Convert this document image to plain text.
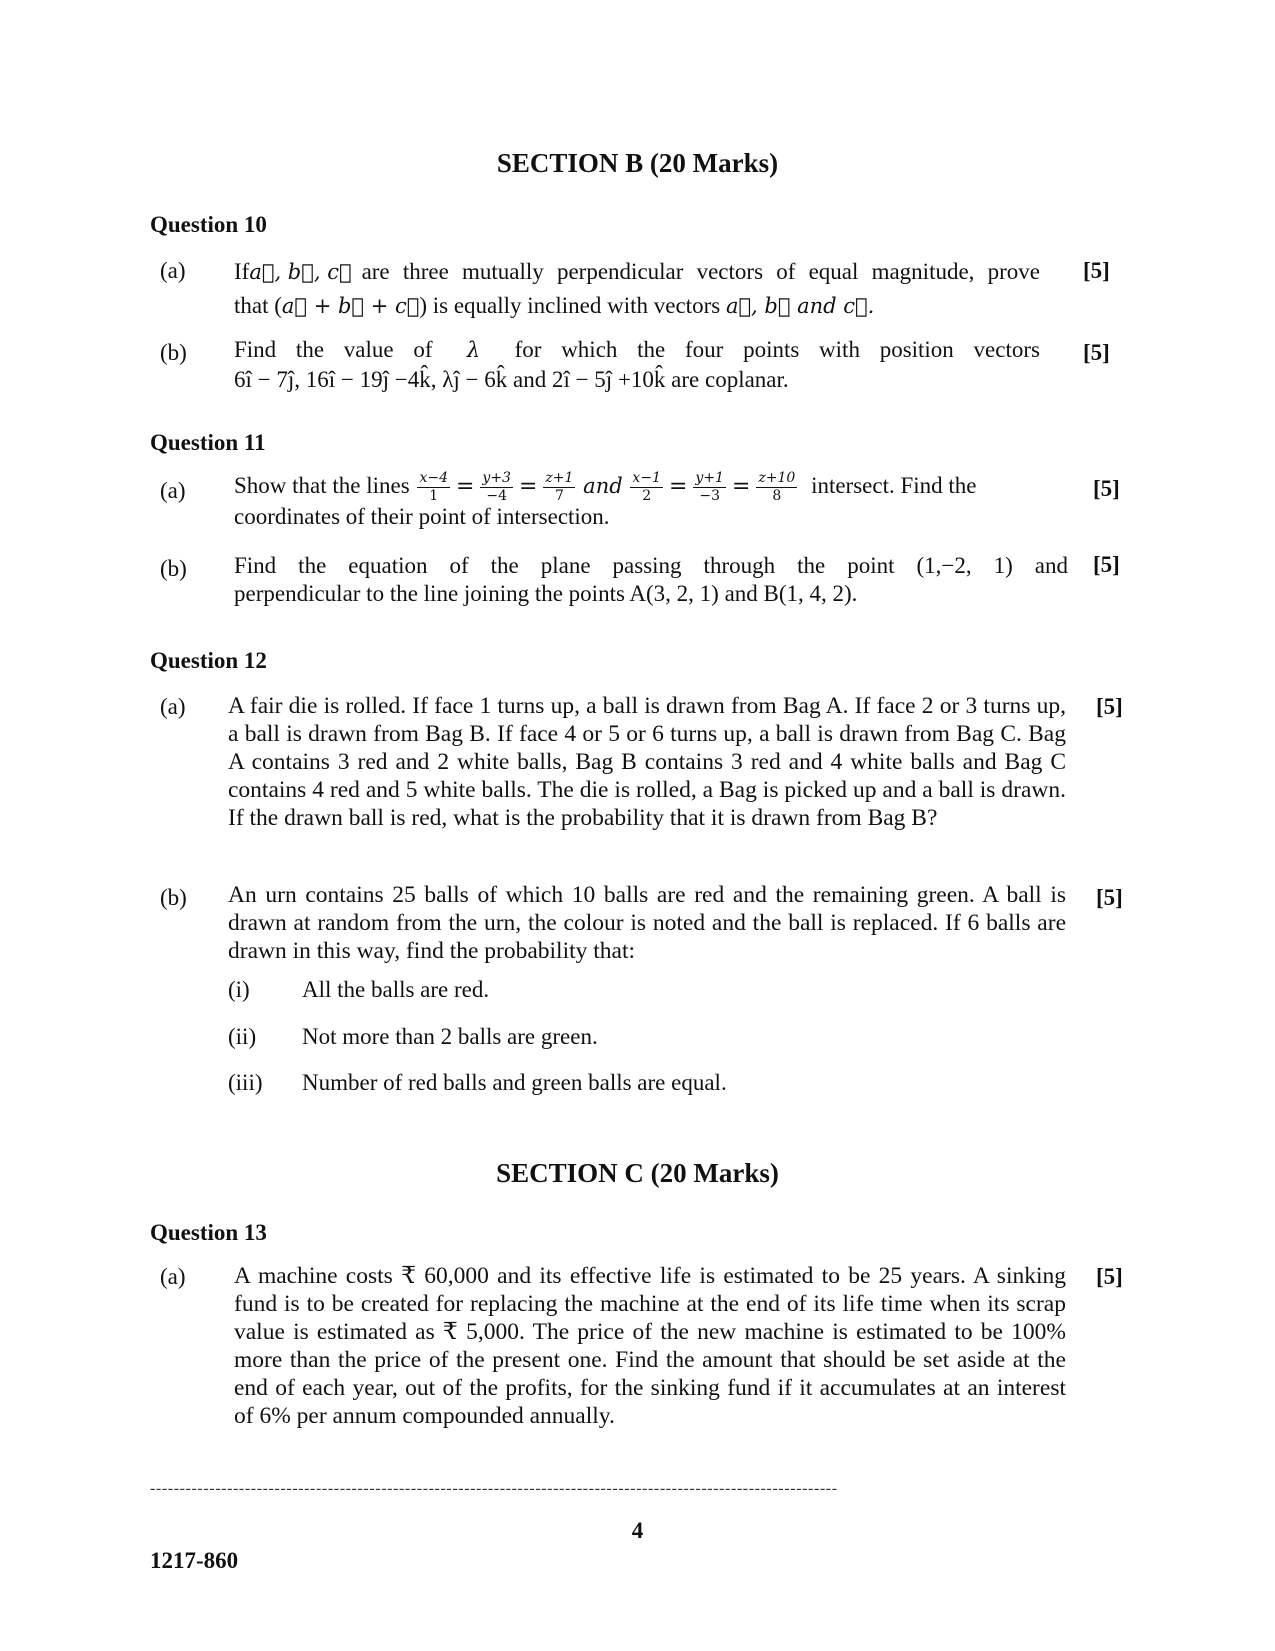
SECTION B (20 Marks)
Question 10
(a) If a⃗, b⃗, c⃗ are three mutually perpendicular vectors of equal magnitude, prove
that (a⃗ + b⃗ + c⃗) is equally inclined with vectors a⃗, b⃗ and c⃗.
[5]
(b) Find the value of λ for which the four points with position vectors
6î − 7ĵ, 16î − 19ĵ −4k̂, λĵ − 6k̂ and 2î − 5ĵ +10k̂ are coplanar.
[5]
Question 11
(a) Show that the lines $\frac{x-4}{1} = \frac{y+3}{-4} = \frac{z+1}{7}$ and $\frac{x-1}{2} = \frac{y+1}{-3} = \frac{z+10}{8}$ intersect. Find the
coordinates of their point of intersection.
[5]
(b) Find the equation of the plane passing through the point (1,−2, 1) and
perpendicular to the line joining the points A(3, 2, 1) and B(1, 4, 2).
[5]
Question 12
(a) A fair die is rolled. If face 1 turns up, a ball is drawn from Bag A. If face 2 or 3 turns up, a ball is drawn from Bag B. If face 4 or 5 or 6 turns up, a ball is drawn from Bag C. Bag A contains 3 red and 2 white balls, Bag B contains 3 red and 4 white balls and Bag C contains 4 red and 5 white balls. The die is rolled, a Bag is picked up and a ball is drawn. If the drawn ball is red, what is the probability that it is drawn from Bag B?
[5]
(b) An urn contains 25 balls of which 10 balls are red and the remaining green. A ball is drawn at random from the urn, the colour is noted and the ball is replaced. If 6 balls are drawn in this way, find the probability that:
[5]
(i) All the balls are red.
(ii) Not more than 2 balls are green.
(iii) Number of red balls and green balls are equal.
SECTION C (20 Marks)
Question 13
(a) A machine costs ₹ 60,000 and its effective life is estimated to be 25 years. A sinking fund is to be created for replacing the machine at the end of its life time when its scrap value is estimated as ₹ 5,000. The price of the new machine is estimated to be 100% more than the price of the present one. Find the amount that should be set aside at the end of each year, out of the profits, for the sinking fund if it accumulates at an interest of 6% per annum compounded annually.
[5]
--------------------------------------------------------------------------------------------------------------------
4
1217-860
